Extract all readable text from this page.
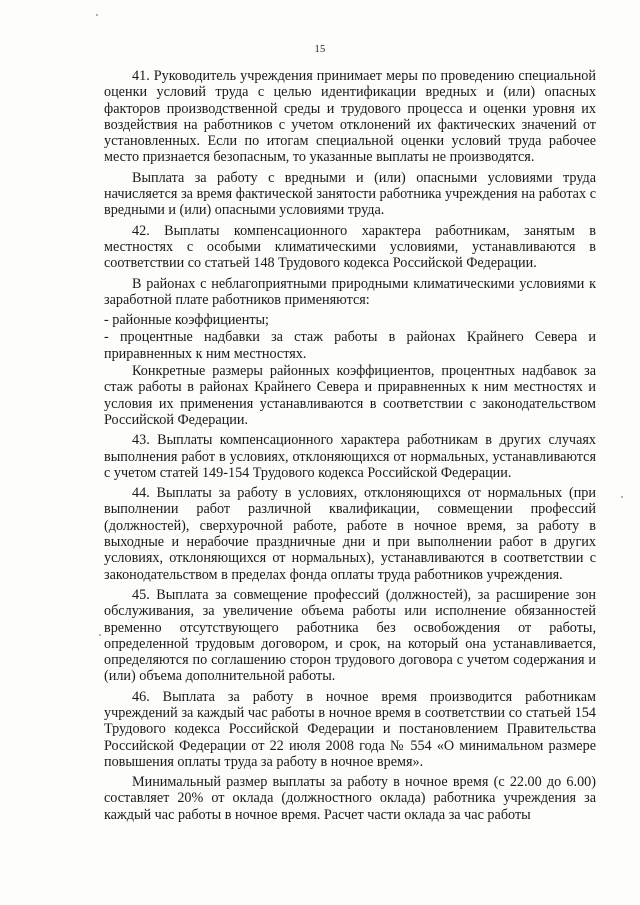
15

41. Руководитель учреждения принимает меры по проведению специальной оценки условий труда с целью идентификации вредных и (или) опасных факторов производственной среды и трудового процесса и оценки уровня их воздействия на работников с учетом отклонений их фактических значений от установленных. Если по итогам специальной оценки условий труда рабочее место признается безопасным, то указанные выплаты не производятся.

Выплата за работу с вредными и (или) опасными условиями труда начисляется за время фактической занятости работника учреждения на работах с вредными и (или) опасными условиями труда.

42. Выплаты компенсационного характера работникам, занятым в местностях с особыми климатическими условиями, устанавливаются в соответствии со статьей 148 Трудового кодекса Российской Федерации.

В районах с неблагоприятными природными климатическими условиями к заработной плате работников применяются:

- районные коэффициенты;

- процентные надбавки за стаж работы в районах Крайнего Севера и приравненных к ним местностях.

Конкретные размеры районных коэффициентов, процентных надбавок за стаж работы в районах Крайнего Севера и приравненных к ним местностях и условия их применения устанавливаются в соответствии с законодательством Российской Федерации.

43. Выплаты компенсационного характера работникам в других случаях выполнения работ в условиях, отклоняющихся от нормальных, устанавливаются с учетом статей 149-154 Трудового кодекса Российской Федерации.

44. Выплаты за работу в условиях, отклоняющихся от нормальных (при выполнении работ различной квалификации, совмещении профессий (должностей), сверхурочной работе, работе в ночное время, за работу в выходные и нерабочие праздничные дни и при выполнении работ в других условиях, отклоняющихся от нормальных), устанавливаются в соответствии с законодательством в пределах фонда оплаты труда работников учреждения.

45. Выплата за совмещение профессий (должностей), за расширение зон обслуживания, за увеличение объема работы или исполнение обязанностей временно отсутствующего работника без освобождения от работы, определенной трудовым договором, и срок, на который она устанавливается, определяются по соглашению сторон трудового договора с учетом содержания и (или) объема дополнительной работы.

46. Выплата за работу в ночное время производится работникам учреждений за каждый час работы в ночное время в соответствии со статьей 154 Трудового кодекса Российской Федерации и постановлением Правительства Российской Федерации от 22 июля 2008 года № 554 «О минимальном размере повышения оплаты труда за работу в ночное время».

Минимальный размер выплаты за работу в ночное время (с 22.00 до 6.00) составляет 20% от оклада (должностного оклада) работника учреждения за каждый час работы в ночное время. Расчет части оклада за час работы
